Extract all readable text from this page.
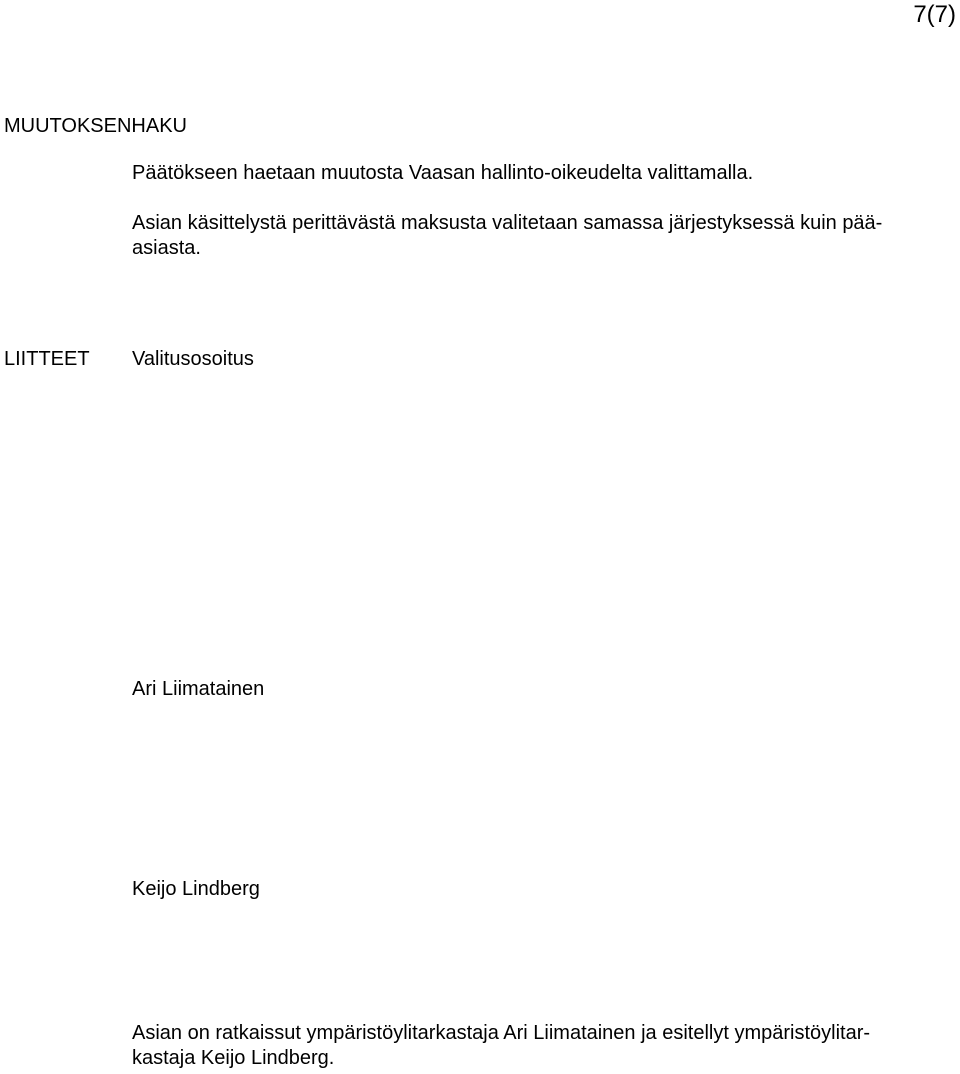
7(7)
MUUTOKSENHAKU
Päätökseen haetaan muutosta Vaasan hallinto-oikeudelta valittamalla.
Asian käsittelystä perittävästä maksusta valitetaan samassa järjestyksessä kuin pää-
asiasta.
LIITTEET Valitusosoitus
Ari Liimatainen
Keijo Lindberg
Asian on ratkaissut ympäristöylitarkastaja Ari Liimatainen ja esitellyt ympäristöylitar-
kastaja Keijo Lindberg.
